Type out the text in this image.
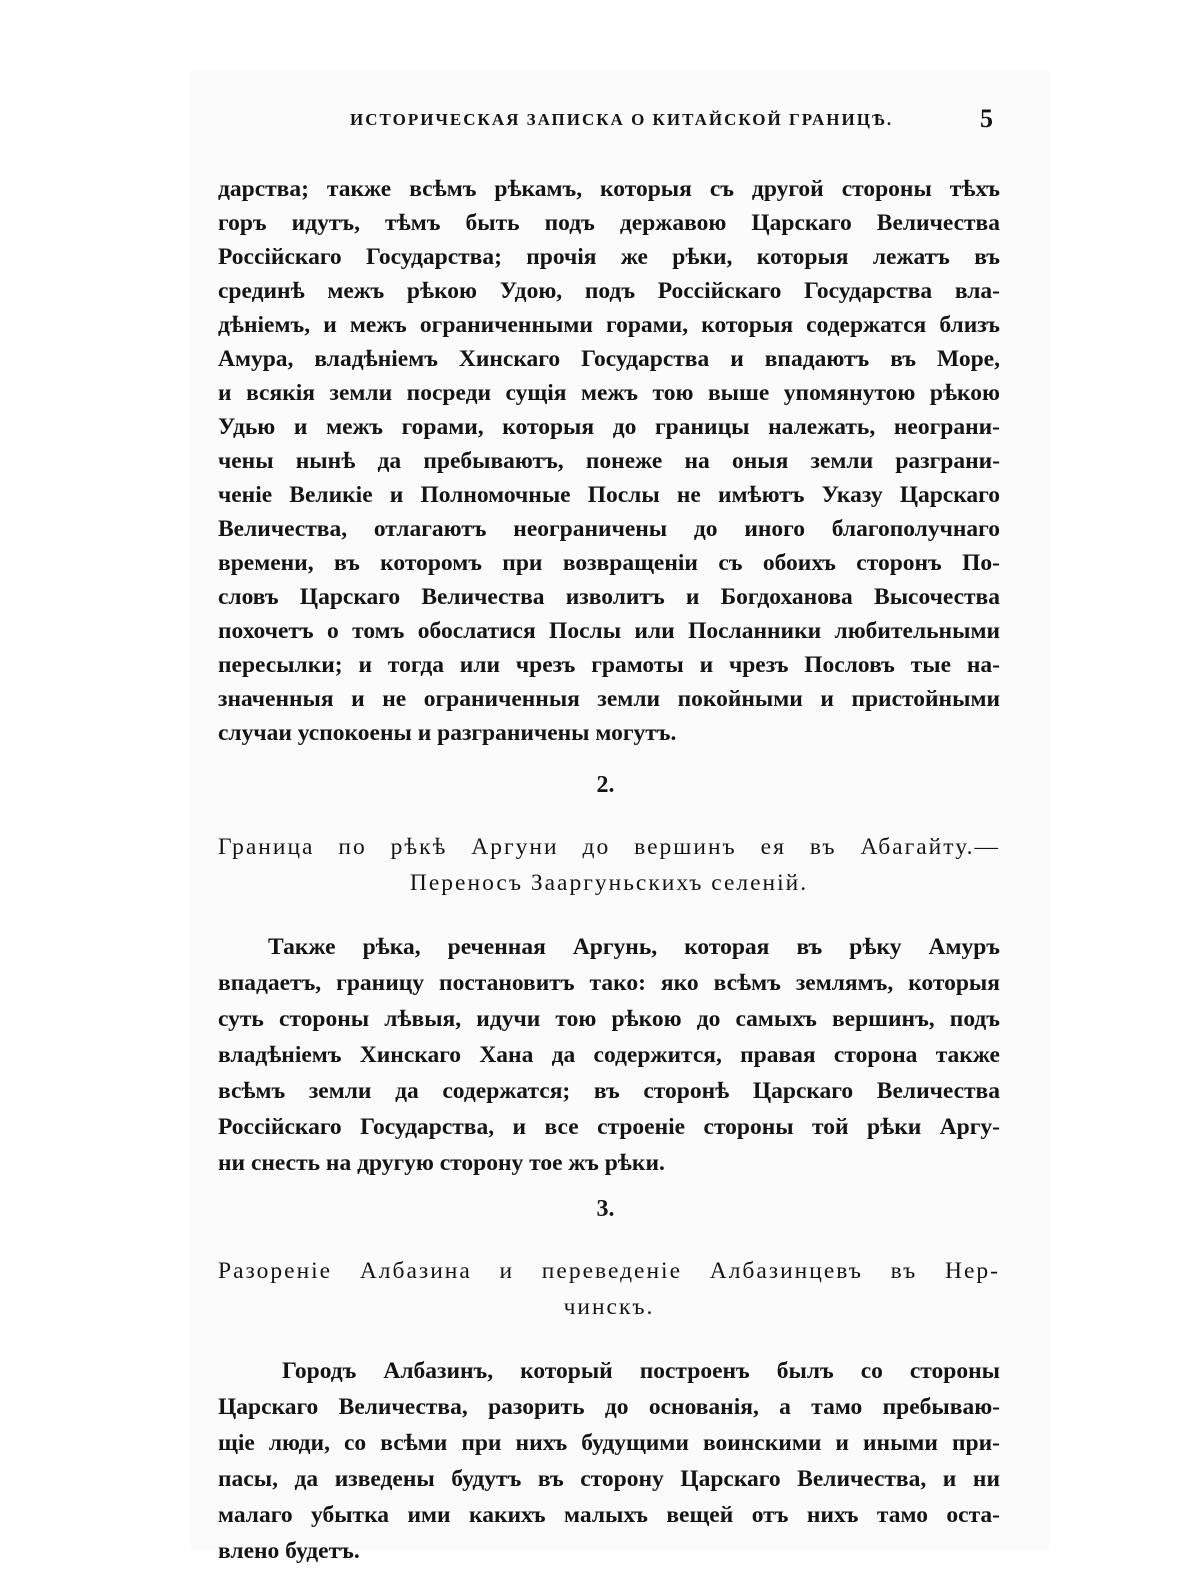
ИСТОРИЧЕСКАЯ ЗАПИСКА О КИТАЙСКОЙ ГРАНИЦѢ.	5
дарства; также всѣмъ рѣкамъ, которыя съ другой стороны тѣхъ
горъ идутъ, тѣмъ быть подъ державою Царскаго Величества
Россійскаго Государства; прочія же рѣки, которыя лежатъ въ
срединѣ межъ рѣкою Удою, подъ Россійскаго Государства вла-
дѣніемъ, и межъ ограниченными горами, которыя содержатся близъ
Амура, владѣніемъ Хинскаго Государства и впадаютъ въ Море,
и всякія земли посреди сущія межъ тою выше упомянутою рѣкою
Удью и межъ горами, которыя до границы належать, неограни-
чены нынѣ да пребываютъ, понеже на оныя земли разграни-
ченіе Великіе и Полномочные Послы не имѣютъ Указу Царскаго
Величества, отлагаютъ неограничены до иного благополучнаго
времени, въ которомъ при возвращеніи съ обоихъ сторонъ По-
словъ Царскаго Величества изволитъ и Богдоханова Высочества
похочетъ о томъ обослатися Послы или Посланники любительными
пересылки; и тогда или чрезъ грамоты и чрезъ Пословъ тые на-
значенныя и не ограниченныя земли покойными и пристойными
случаи успокоены и разграничены могутъ.
2.
Граница по рѣкѣ Аргуни до вершинъ ея въ Абагайту.—
Переносъ Зааргуньскихъ селеній.
Также рѣка, реченная Аргунь, которая въ рѣку Амуръ
впадаетъ, границу постановитъ тако: яко всѣмъ землямъ, которыя
суть стороны лѣвыя, идучи тою рѣкою до самыхъ вершинъ, подъ
владѣніемъ Хинскаго Хана да содержится, правая сторона также
всѣмъ земли да содержатся; въ сторонѣ Царскаго Величества
Россійскаго Государства, и все строеніе стороны той рѣки Аргу-
ни снесть на другую сторону тое жъ рѣки.
3.
Разореніе Албазина и переведеніе Албазинцевъ въ Нер-
чинскъ.
Городъ Албазинъ, который построенъ былъ со стороны
Царскаго Величества, разорить до основанія, а тамо пребываю-
щіе люди, со всѣми при нихъ будущими воинскими и иными при-
пасы, да изведены будутъ въ сторону Царскаго Величества, и ни
малаго убытка ими какихъ малыхъ вещей отъ нихъ тамо оста-
влено будетъ.
